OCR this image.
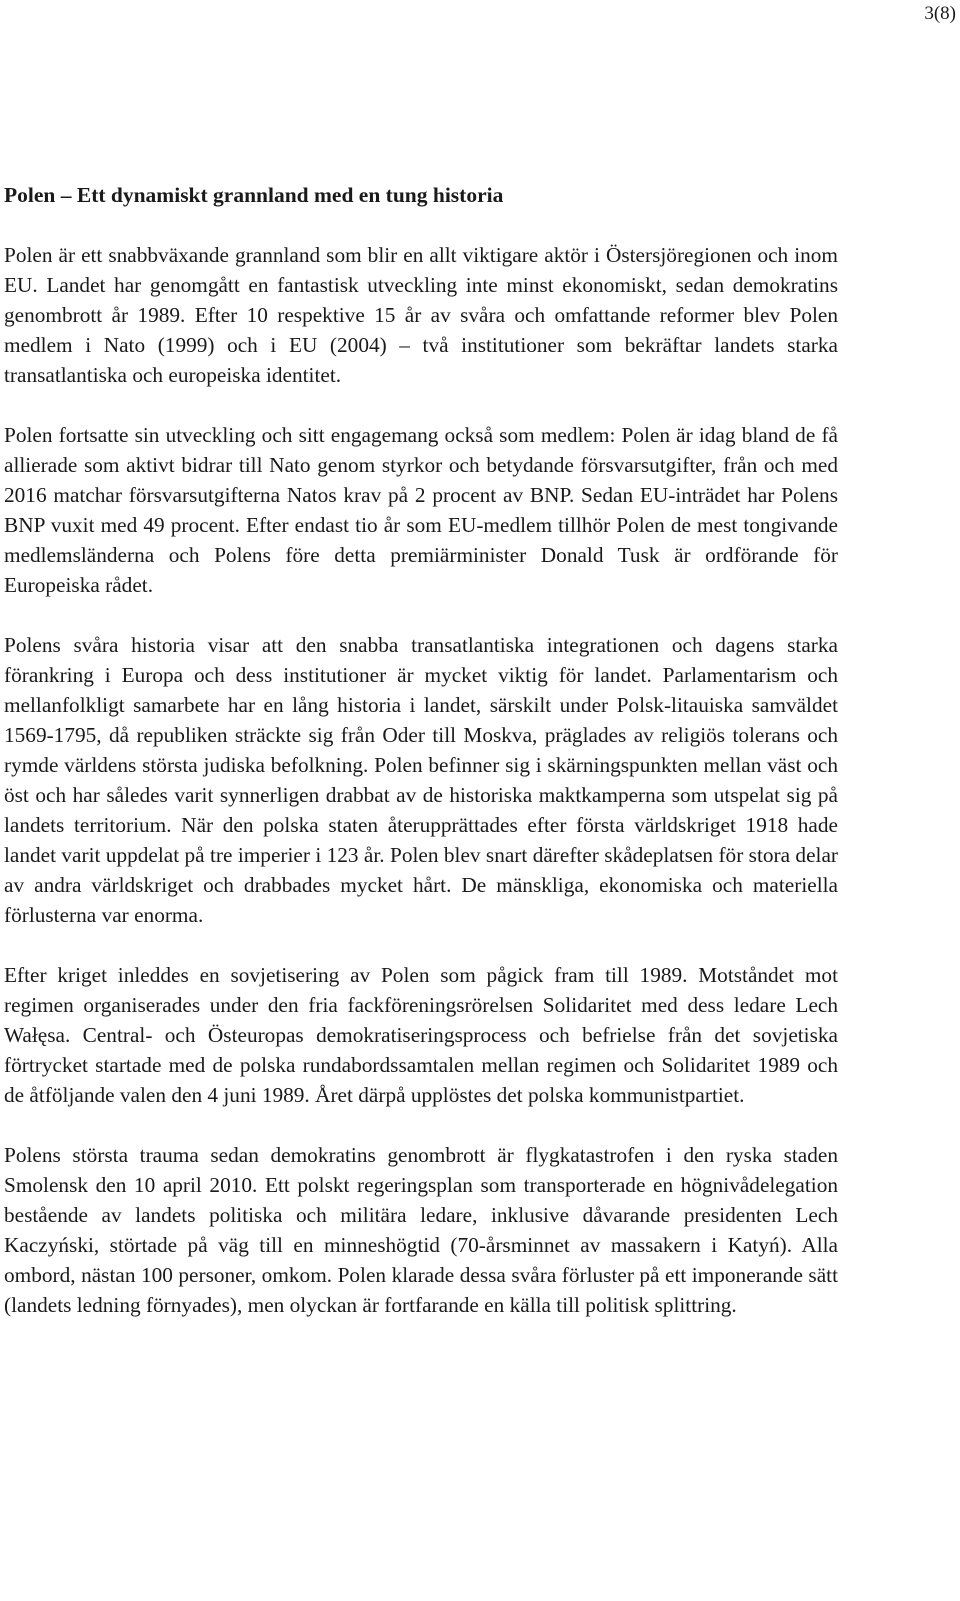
3(8)
Polen – Ett dynamiskt grannland med en tung historia

Polen är ett snabbväxande grannland som blir en allt viktigare aktör i Östersjöregionen och inom EU. Landet har genomgått en fantastisk utveckling inte minst ekonomiskt, sedan demokratins genombrott år 1989. Efter 10 respektive 15 år av svåra och omfattande reformer blev Polen medlem i Nato (1999) och i EU (2004) – två institutioner som bekräftar landets starka transatlantiska och europeiska identitet.

Polen fortsatte sin utveckling och sitt engagemang också som medlem: Polen är idag bland de få allierade som aktivt bidrar till Nato genom styrkor och betydande försvarsutgifter, från och med 2016 matchar försvarsutgifterna Natos krav på 2 procent av BNP. Sedan EU-inträdet har Polens BNP vuxit med 49 procent. Efter endast tio år som EU-medlem tillhör Polen de mest tongivande medlemsländerna och Polens före detta premiärminister Donald Tusk är ordförande för Europeiska rådet.

Polens svåra historia visar att den snabba transatlantiska integrationen och dagens starka förankring i Europa och dess institutioner är mycket viktig för landet. Parlamentarism och mellanfolkligt samarbete har en lång historia i landet, särskilt under Polsk-litauiska samväldet 1569-1795, då republiken sträckte sig från Oder till Moskva, präglades av religiös tolerans och rymde världens största judiska befolkning. Polen befinner sig i skärningspunkten mellan väst och öst och har således varit synnerligen drabbat av de historiska maktkamperna som utspelat sig på landets territorium. När den polska staten återupprättades efter första världskriget 1918 hade landet varit uppdelat på tre imperier i 123 år. Polen blev snart därefter skådeplatsen för stora delar av andra världskriget och drabbades mycket hårt. De mänskliga, ekonomiska och materiella förlusterna var enorma.

Efter kriget inleddes en sovjetisering av Polen som pågick fram till 1989. Motståndet mot regimen organiserades under den fria fackföreningsrörelsen Solidaritet med dess ledare Lech Wałęsa. Central- och Östeuropas demokratiseringsprocess och befrielse från det sovjetiska förtrycket startade med de polska rundabordssamtalen mellan regimen och Solidaritet 1989 och de åtföljande valen den 4 juni 1989. Året därpå upplöstes det polska kommunistpartiet.

Polens största trauma sedan demokratins genombrott är flygkatastrofen i den ryska staden Smolensk den 10 april 2010. Ett polskt regeringsplan som transporterade en högnivådelegation bestående av landets politiska och militära ledare, inklusive dåvarande presidenten Lech Kaczyński, störtade på väg till en minneshögtid (70-årsminnet av massakern i Katyń). Alla ombord, nästan 100 personer, omkom. Polen klarade dessa svåra förluster på ett imponerande sätt (landets ledning förnyades), men olyckan är fortfarande en källa till politisk splittring.
